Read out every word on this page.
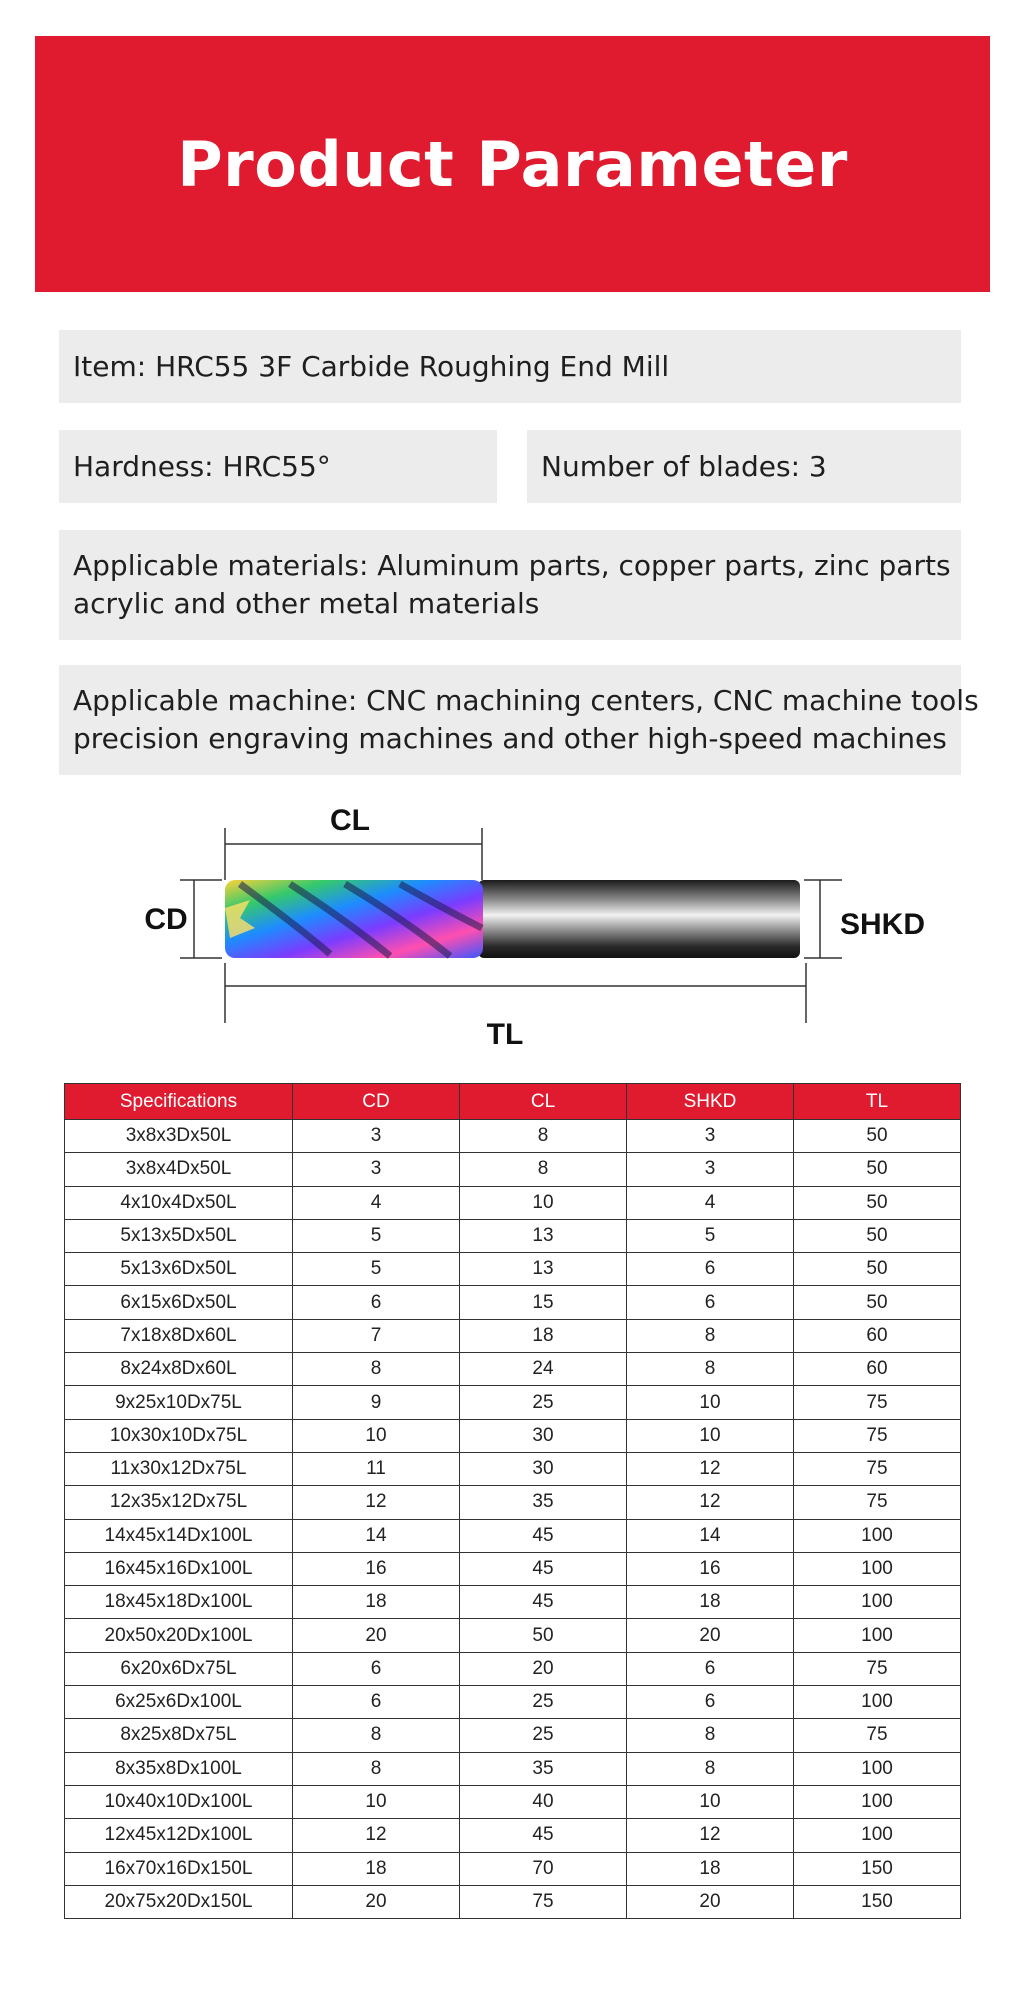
Product Parameter
Item: HRC55 3F Carbide Roughing End Mill
Hardness: HRC55°	Number of blades: 3
Applicable materials: Aluminum parts, copper parts, zinc parts
acrylic and other metal materials
Applicable machine: CNC machining centers, CNC machine tools
precision engraving machines and other high-speed machines
CL
CD
TL
SHKD
Specifications	CD	CL	SHKD	TL
3x8x3Dx50L	3	8	3	50
3x8x4Dx50L	3	8	3	50
4x10x4Dx50L	4	10	4	50
5x13x5Dx50L	5	13	5	50
5x13x6Dx50L	5	13	6	50
6x15x6Dx50L	6	15	6	50
7x18x8Dx60L	7	18	8	60
8x24x8Dx60L	8	24	8	60
9x25x10Dx75L	9	25	10	75
10x30x10Dx75L	10	30	10	75
11x30x12Dx75L	11	30	12	75
12x35x12Dx75L	12	35	12	75
14x45x14Dx100L	14	45	14	100
16x45x16Dx100L	16	45	16	100
18x45x18Dx100L	18	45	18	100
20x50x20Dx100L	20	50	20	100
6x20x6Dx75L	6	20	6	75
6x25x6Dx100L	6	25	6	100
8x25x8Dx75L	8	25	8	75
8x35x8Dx100L	8	35	8	100
10x40x10Dx100L	10	40	10	100
12x45x12Dx100L	12	45	12	100
16x70x16Dx150L	18	70	18	150
20x75x20Dx150L	20	75	20	150
